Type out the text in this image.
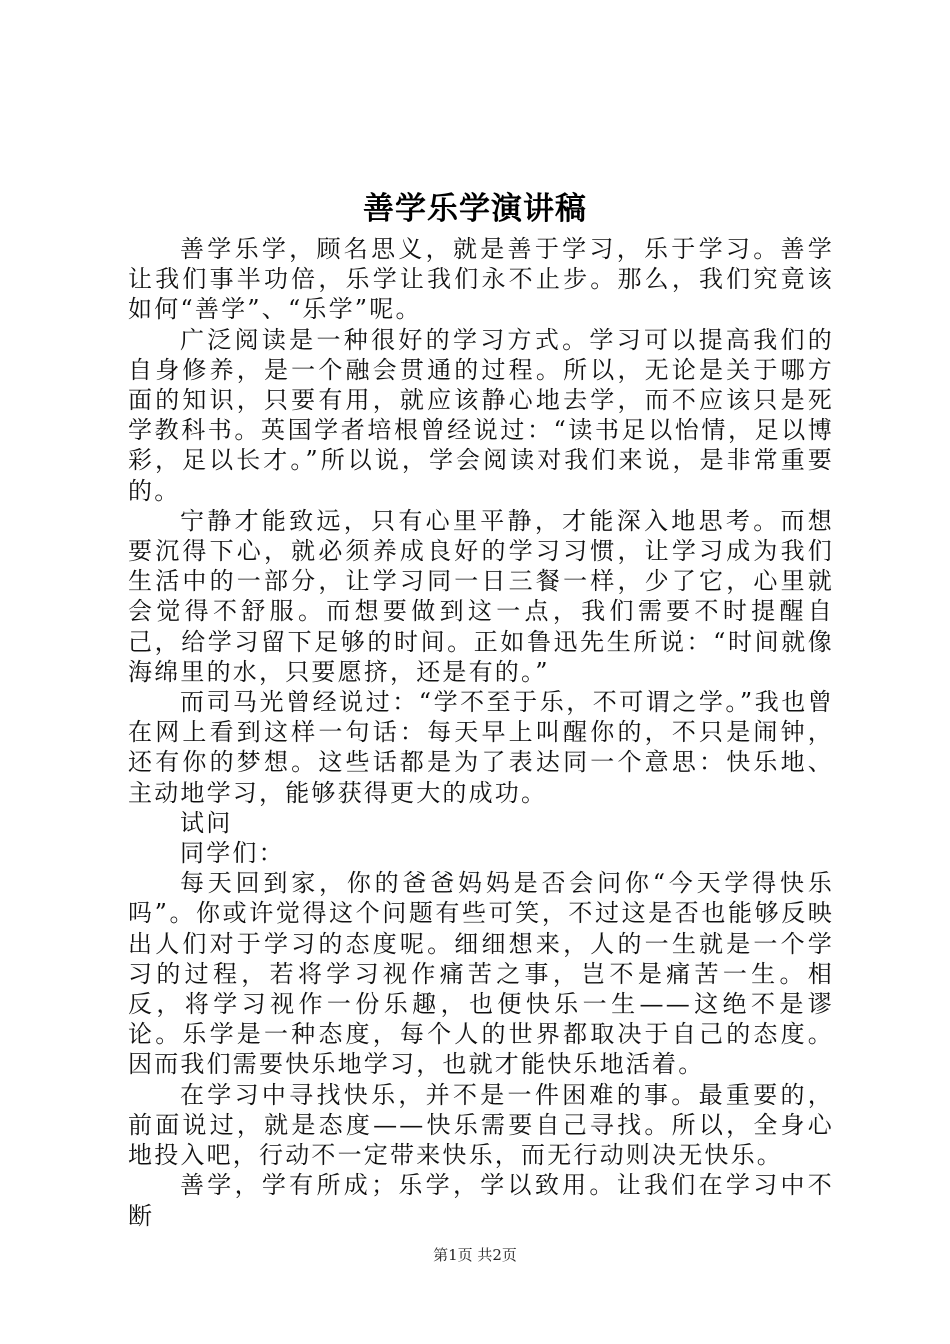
善学乐学演讲稿

善学乐学，顾名思义，就是善于学习，乐于学习。善学让我们事半功倍，乐学让我们永不止步。那么，我们究竟该如何“善学”、“乐学”呢。

广泛阅读是一种很好的学习方式。学习可以提高我们的自身修养，是一个融会贯通的过程。所以，无论是关于哪方面的知识，只要有用，就应该静心地去学，而不应该只是死学教科书。英国学者培根曾经说过：“读书足以怡情，足以博彩，足以长才。”所以说，学会阅读对我们来说，是非常重要的。

宁静才能致远，只有心里平静，才能深入地思考。而想要沉得下心，就必须养成良好的学习习惯，让学习成为我们生活中的一部分，让学习同一日三餐一样，少了它，心里就会觉得不舒服。而想要做到这一点，我们需要不时提醒自己，给学习留下足够的时间。正如鲁迅先生所说：“时间就像海绵里的水，只要愿挤，还是有的。”

而司马光曾经说过：“学不至于乐，不可谓之学。”我也曾在网上看到这样一句话：每天早上叫醒你的，不只是闹钟，还有你的梦想。这些话都是为了表达同一个意思：快乐地、主动地学习，能够获得更大的成功。

试问

同学们：

每天回到家，你的爸爸妈妈是否会问你“今天学得快乐吗”。你或许觉得这个问题有些可笑，不过这是否也能够反映出人们对于学习的态度呢。细细想来，人的一生就是一个学习的过程，若将学习视作痛苦之事，岂不是痛苦一生。相反，将学习视作一份乐趣，也便快乐一生——这绝不是谬论。乐学是一种态度，每个人的世界都取决于自己的态度。因而我们需要快乐地学习，也就才能快乐地活着。

在学习中寻找快乐，并不是一件困难的事。最重要的，前面说过，就是态度——快乐需要自己寻找。所以，全身心地投入吧，行动不一定带来快乐，而无行动则决无快乐。

善学，学有所成；乐学，学以致用。让我们在学习中不断

第1页 共2页
